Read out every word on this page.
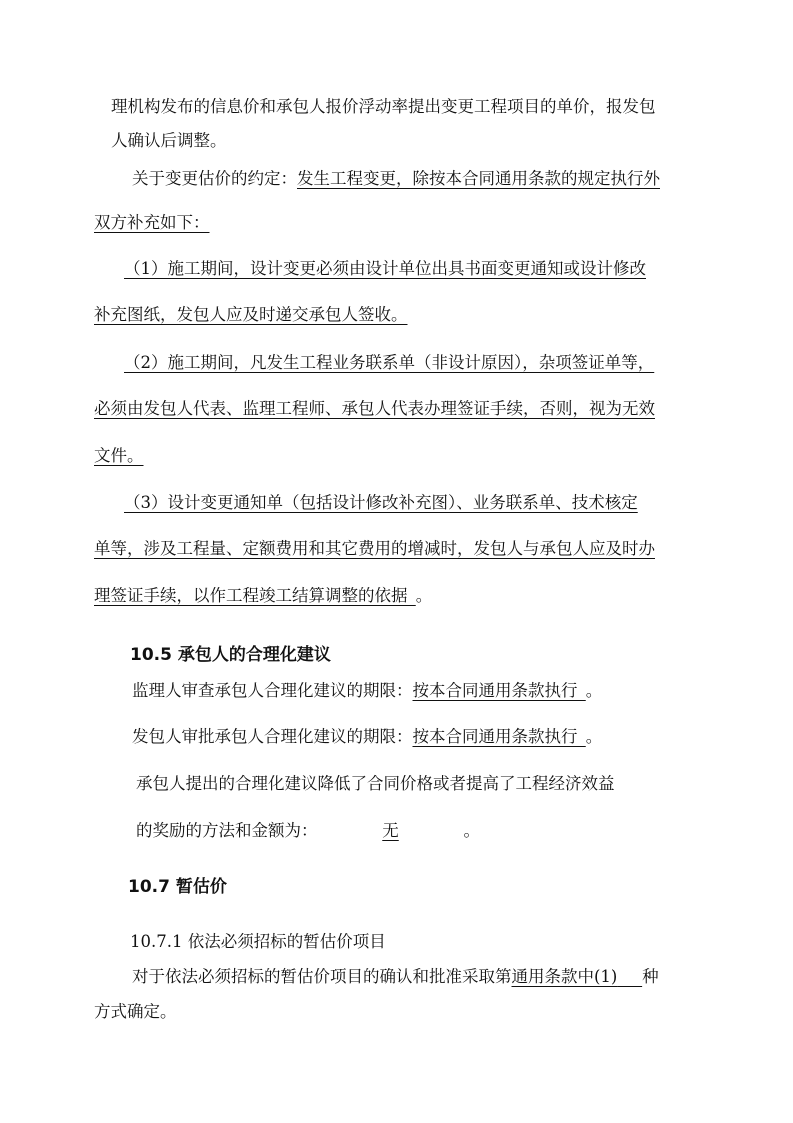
理机构发布的信息价和承包人报价浮动率提出变更工程项目的单价，报发包
人确认后调整。
关于变更估价的约定：发生工程变更，除按本合同通用条款的规定执行外
双方补充如下：
（1）施工期间，设计变更必须由设计单位出具书面变更通知或设计修改
补充图纸，发包人应及时递交承包人签收。
（2）施工期间，凡发生工程业务联系单（非设计原因），杂项签证单等，
必须由发包人代表、监理工程师、承包人代表办理签证手续，否则，视为无效
文件。
（3）设计变更通知单（包括设计修改补充图）、业务联系单、技术核定
单等，涉及工程量、定额费用和其它费用的增减时，发包人与承包人应及时办
理签证手续，以作工程竣工结算调整的依据  。
10.5 承包人的合理化建议
监理人审查承包人合理化建议的期限：按本合同通用条款执行  。
发包人审批承包人合理化建议的期限：按本合同通用条款执行  。
承包人提出的合理化建议降低了合同价格或者提高了工程经济效益
的奖励的方法和金额为：	无	。
10.7 暂估价
10.7.1 依法必须招标的暂估价项目
对于依法必须招标的暂估价项目的确认和批准采取第通用条款中(1)   种
方式确定。
